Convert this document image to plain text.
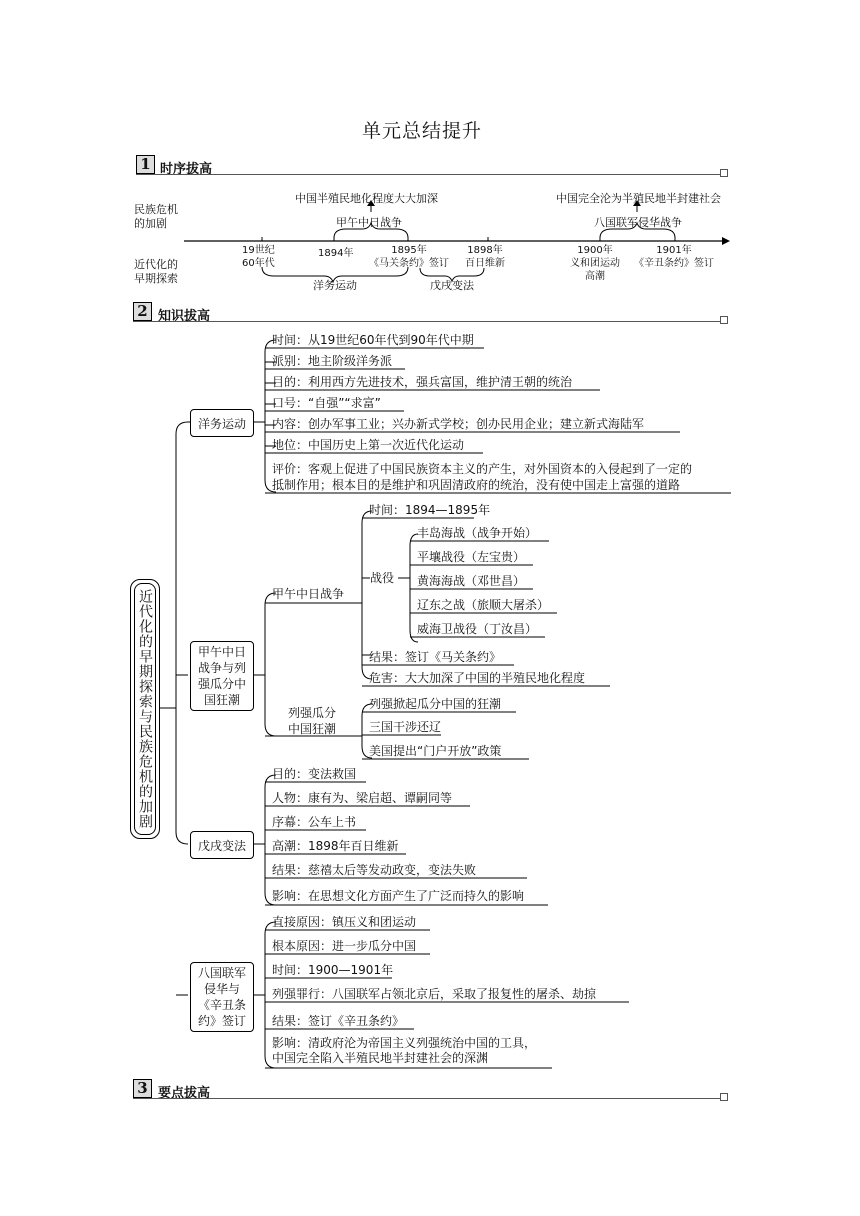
单元总结提升
1 时序拔高
2 知识拔高
3 要点拔高
民族危机
的加剧
近代化的
早期探索
中国半殖民地化程度大大加深
甲午中日战争
中国完全沦为半殖民地半封建社会
八国联军侵华战争
19世纪
60年代
1894年	1895年
《马关条约》签订
1898年
百日维新
1900年
义和团运动
高潮
1901年
《辛丑条约》签订
洋务运动	戊戌变法
近代化的早期探索与民族危机的加剧
洋务运动
时间：从19世纪60年代到90年代中期
派别：地主阶级洋务派
目的：利用西方先进技术，强兵富国，维护清王朝的统治
口号：“自强”“求富”
内容：创办军事工业；兴办新式学校；创办民用企业；建立新式海陆军
地位：中国历史上第一次近代化运动
评价：客观上促进了中国民族资本主义的产生，对外国资本的入侵起到了一定的
抵制作用；根本目的是维护和巩固清政府的统治，没有使中国走上富强的道路
甲午中日
战争与列
强瓜分中
国狂潮
甲午中日战争
时间：1894—1895年
战役
丰岛海战（战争开始）
平壤战役（左宝贵）
黄海海战（邓世昌）
辽东之战（旅顺大屠杀）
威海卫战役（丁汝昌）
结果：签订《马关条约》
危害：大大加深了中国的半殖民地化程度
列强瓜分
中国狂潮
列强掀起瓜分中国的狂潮
三国干涉还辽
美国提出“门户开放”政策
戊戌变法
目的：变法救国
人物：康有为、梁启超、谭嗣同等
序幕：公车上书
高潮：1898年百日维新
结果：慈禧太后等发动政变，变法失败
影响：在思想文化方面产生了广泛而持久的影响
八国联军
侵华与
《辛丑条
约》签订
直接原因：镇压义和团运动
根本原因：进一步瓜分中国
时间：1900—1901年
列强罪行：八国联军占领北京后，采取了报复性的屠杀、劫掠
结果：签订《辛丑条约》
影响：清政府沦为帝国主义列强统治中国的工具，
中国完全陷入半殖民地半封建社会的深渊
